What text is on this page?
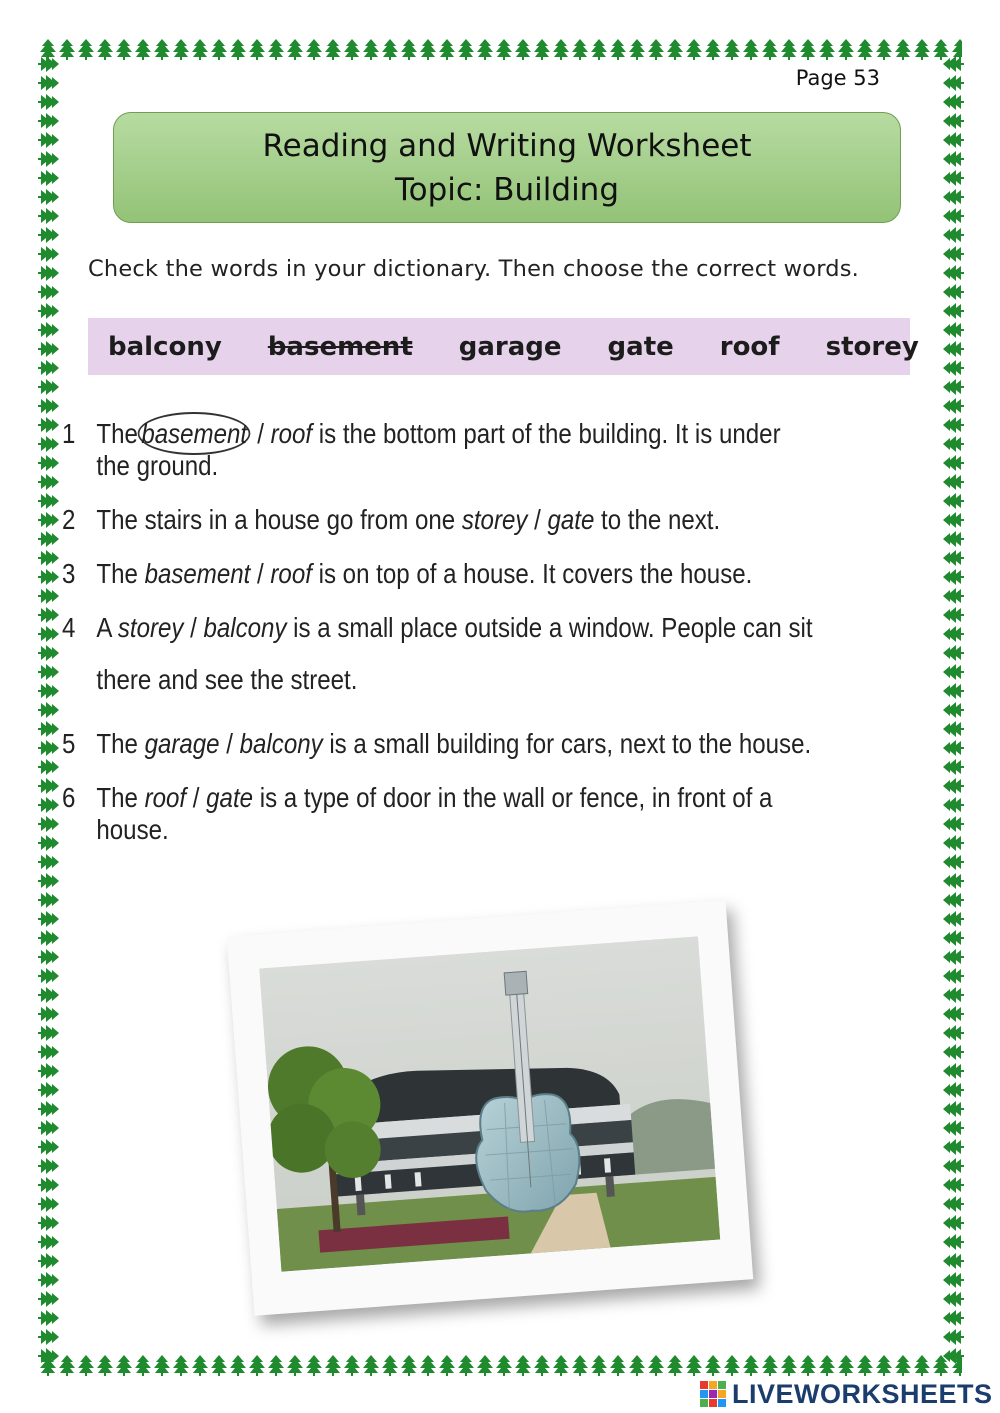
Page 53
Reading and Writing Worksheet
Topic: Building
Check the words in your dictionary. Then choose the correct words.
balcony basement garage gate roof storey
1 The basement / roof is the bottom part of the building. It is under the ground.
2 The stairs in a house go from one storey / gate to the next.
3 The basement / roof is on top of a house. It covers the house.
4 A storey / balcony is a small place outside a window. People can sit there and see the street.
5 The garage / balcony is a small building for cars, next to the house.
6 The roof / gate is a type of door in the wall or fence, in front of a house.
LIVEWORKSHEETS
